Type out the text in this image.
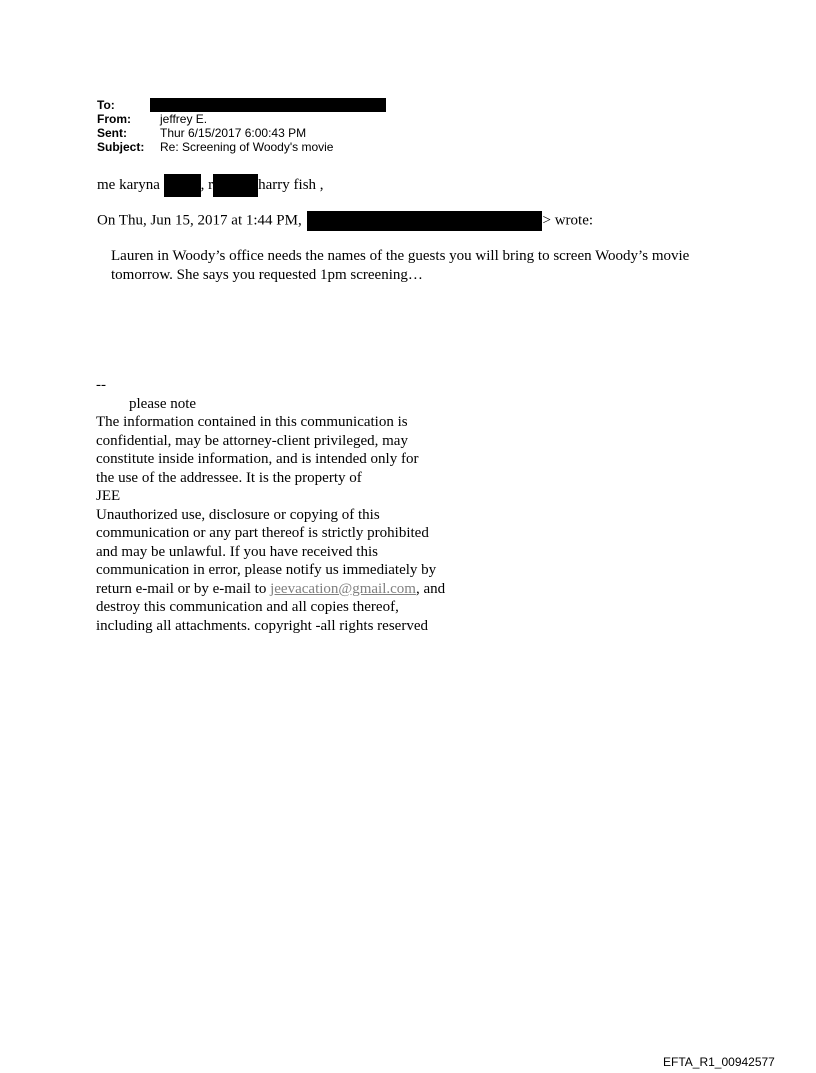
To:
From:	jeffrey E.
Sent:	Thur 6/15/2017 6:00:43 PM
Subject:	Re: Screening of Woody's movie
me karyna , r	harry fish ,
On Thu, Jun 15, 2017 at 1:44 PM,	> wrote:

Lauren in Woody’s office needs the names of the guests you will bring to screen Woody’s movie tomorrow. She says you requested 1pm screening…

--
please note
The information contained in this communication is
confidential, may be attorney-client privileged, may
constitute inside information, and is intended only for
the use of the addressee. It is the property of
JEE
Unauthorized use, disclosure or copying of this
communication or any part thereof is strictly prohibited
and may be unlawful. If you have received this
communication in error, please notify us immediately by
return e-mail or by e-mail to jeevacation@gmail.com, and
destroy this communication and all copies thereof,
including all attachments. copyright -all rights reserved
EFTA_R1_00942577
